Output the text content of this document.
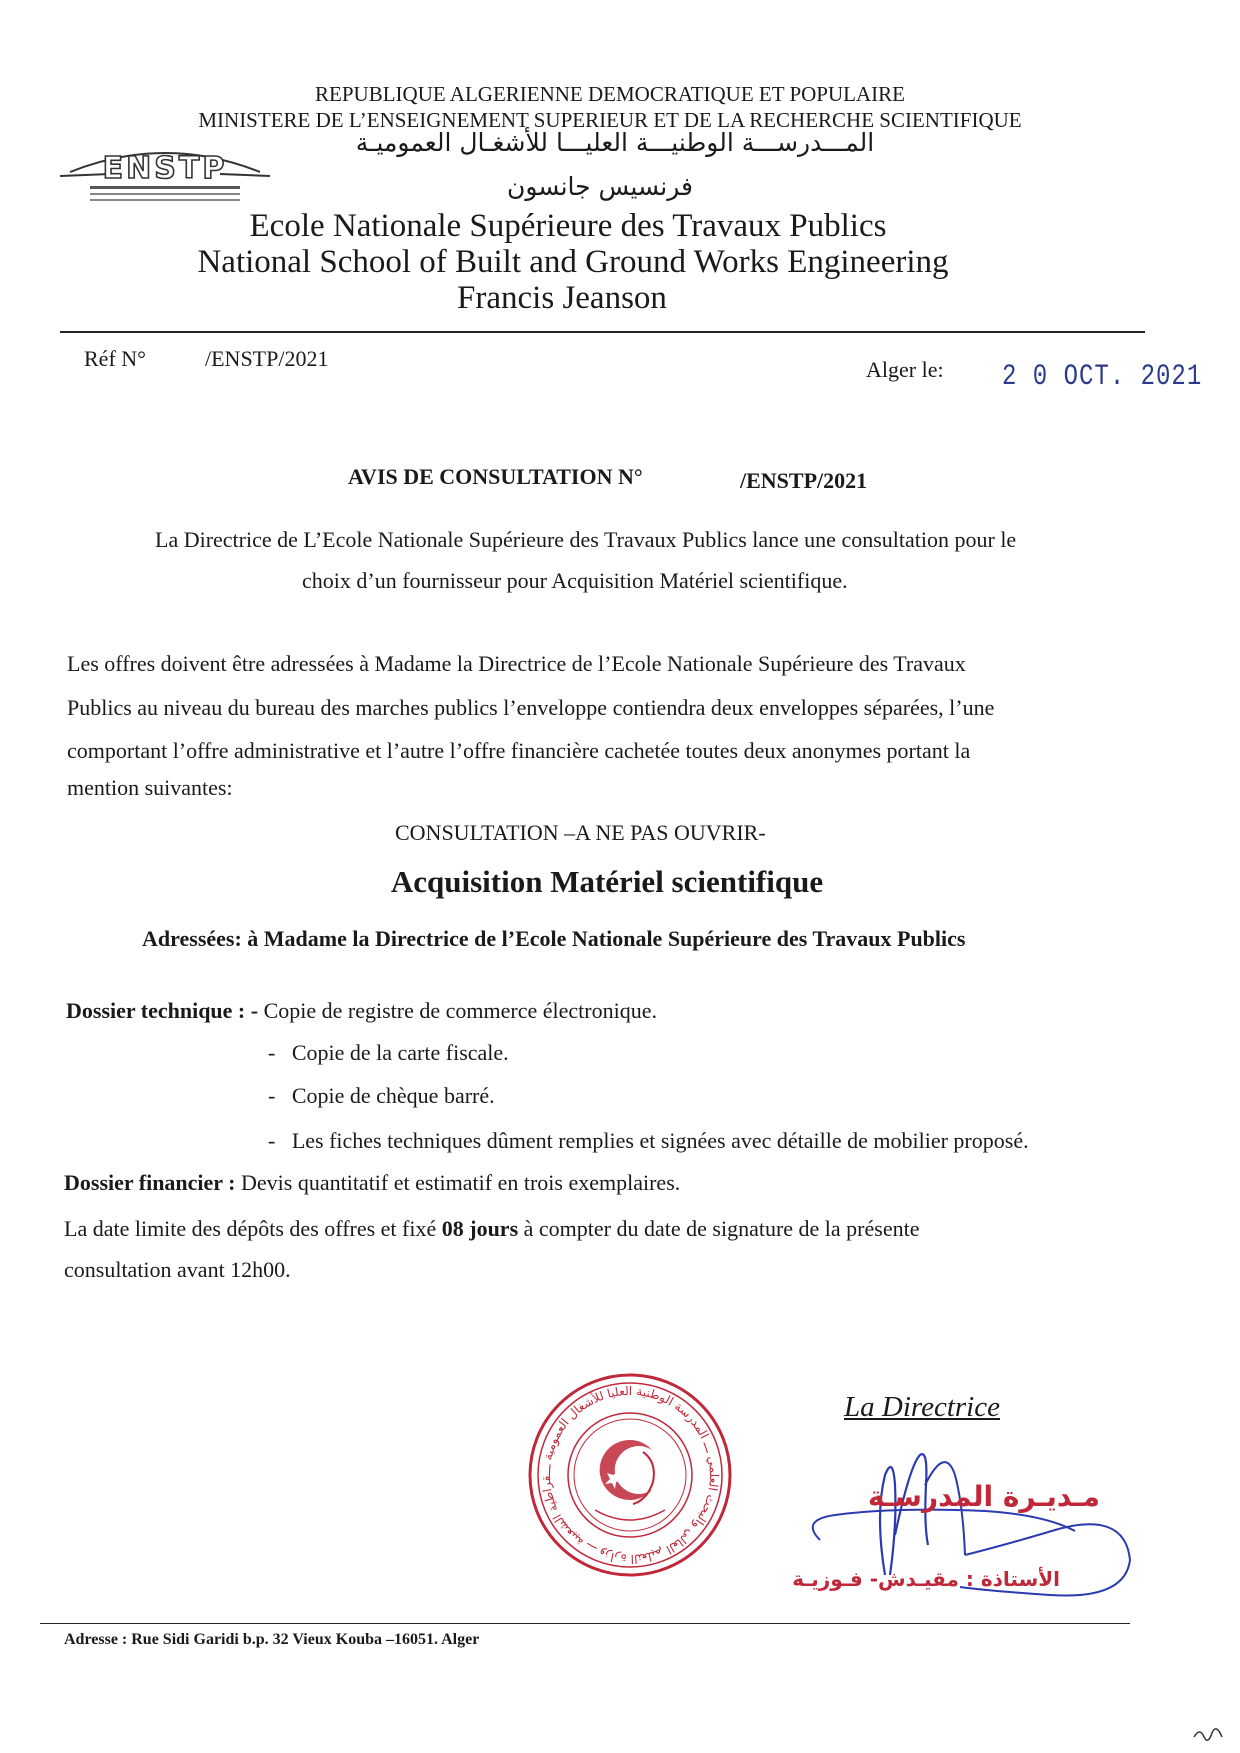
REPUBLIQUE ALGERIENNE DEMOCRATIQUE ET POPULAIRE
MINISTERE DE L’ENSEIGNEMENT SUPERIEUR ET DE LA RECHERCHE SCIENTIFIQUE
ENSTP
المـــدرســـة الوطنيـــة العليـــا للأشغـال العموميـة
فرنسيس جانسون
Ecole Nationale Supérieure des Travaux Publics
National School of Built and Ground Works Engineering
Francis Jeanson
Réf N°	/ENSTP/2021	Alger le: 2 0 OCT. 2021
AVIS DE CONSULTATION N°	/ENSTP/2021
La Directrice de L’Ecole Nationale Supérieure des Travaux Publics lance une consultation pour le
choix d’un fournisseur pour Acquisition Matériel scientifique.
Les offres doivent être adressées à Madame la Directrice de l’Ecole Nationale Supérieure des Travaux
Publics au niveau du bureau des marches publics l’enveloppe contiendra deux enveloppes séparées, l’une
comportant l’offre administrative et l’autre l’offre financière cachetée toutes deux anonymes portant la
mention suivantes:
CONSULTATION –A NE PAS OUVRIR-
Acquisition Matériel scientifique
Adressées: à Madame la Directrice de l’Ecole Nationale Supérieure des Travaux Publics
Dossier technique : - Copie de registre de commerce électronique.
-   Copie de la carte fiscale.
-   Copie de chèque barré.
-   Les fiches techniques dûment remplies et signées avec détaille de mobilier proposé.
Dossier financier : Devis quantitatif et estimatif en trois exemplaires.
La date limite des dépôts des offres et fixé 08 jours à compter du date de signature de la présente
consultation avant 12h00.
قراطية الشعبية ـــ وزارة التعليم العالي والبحث العلمي ـــ المدرسة الوطنية العليا للأشغال العمومية ـــ
La Directrice
مـديـرة المدرسـة
الأستاذة : مقيـدش- فـوزيـة
Adresse : Rue Sidi Garidi b.p. 32 Vieux Kouba –16051. Alger
